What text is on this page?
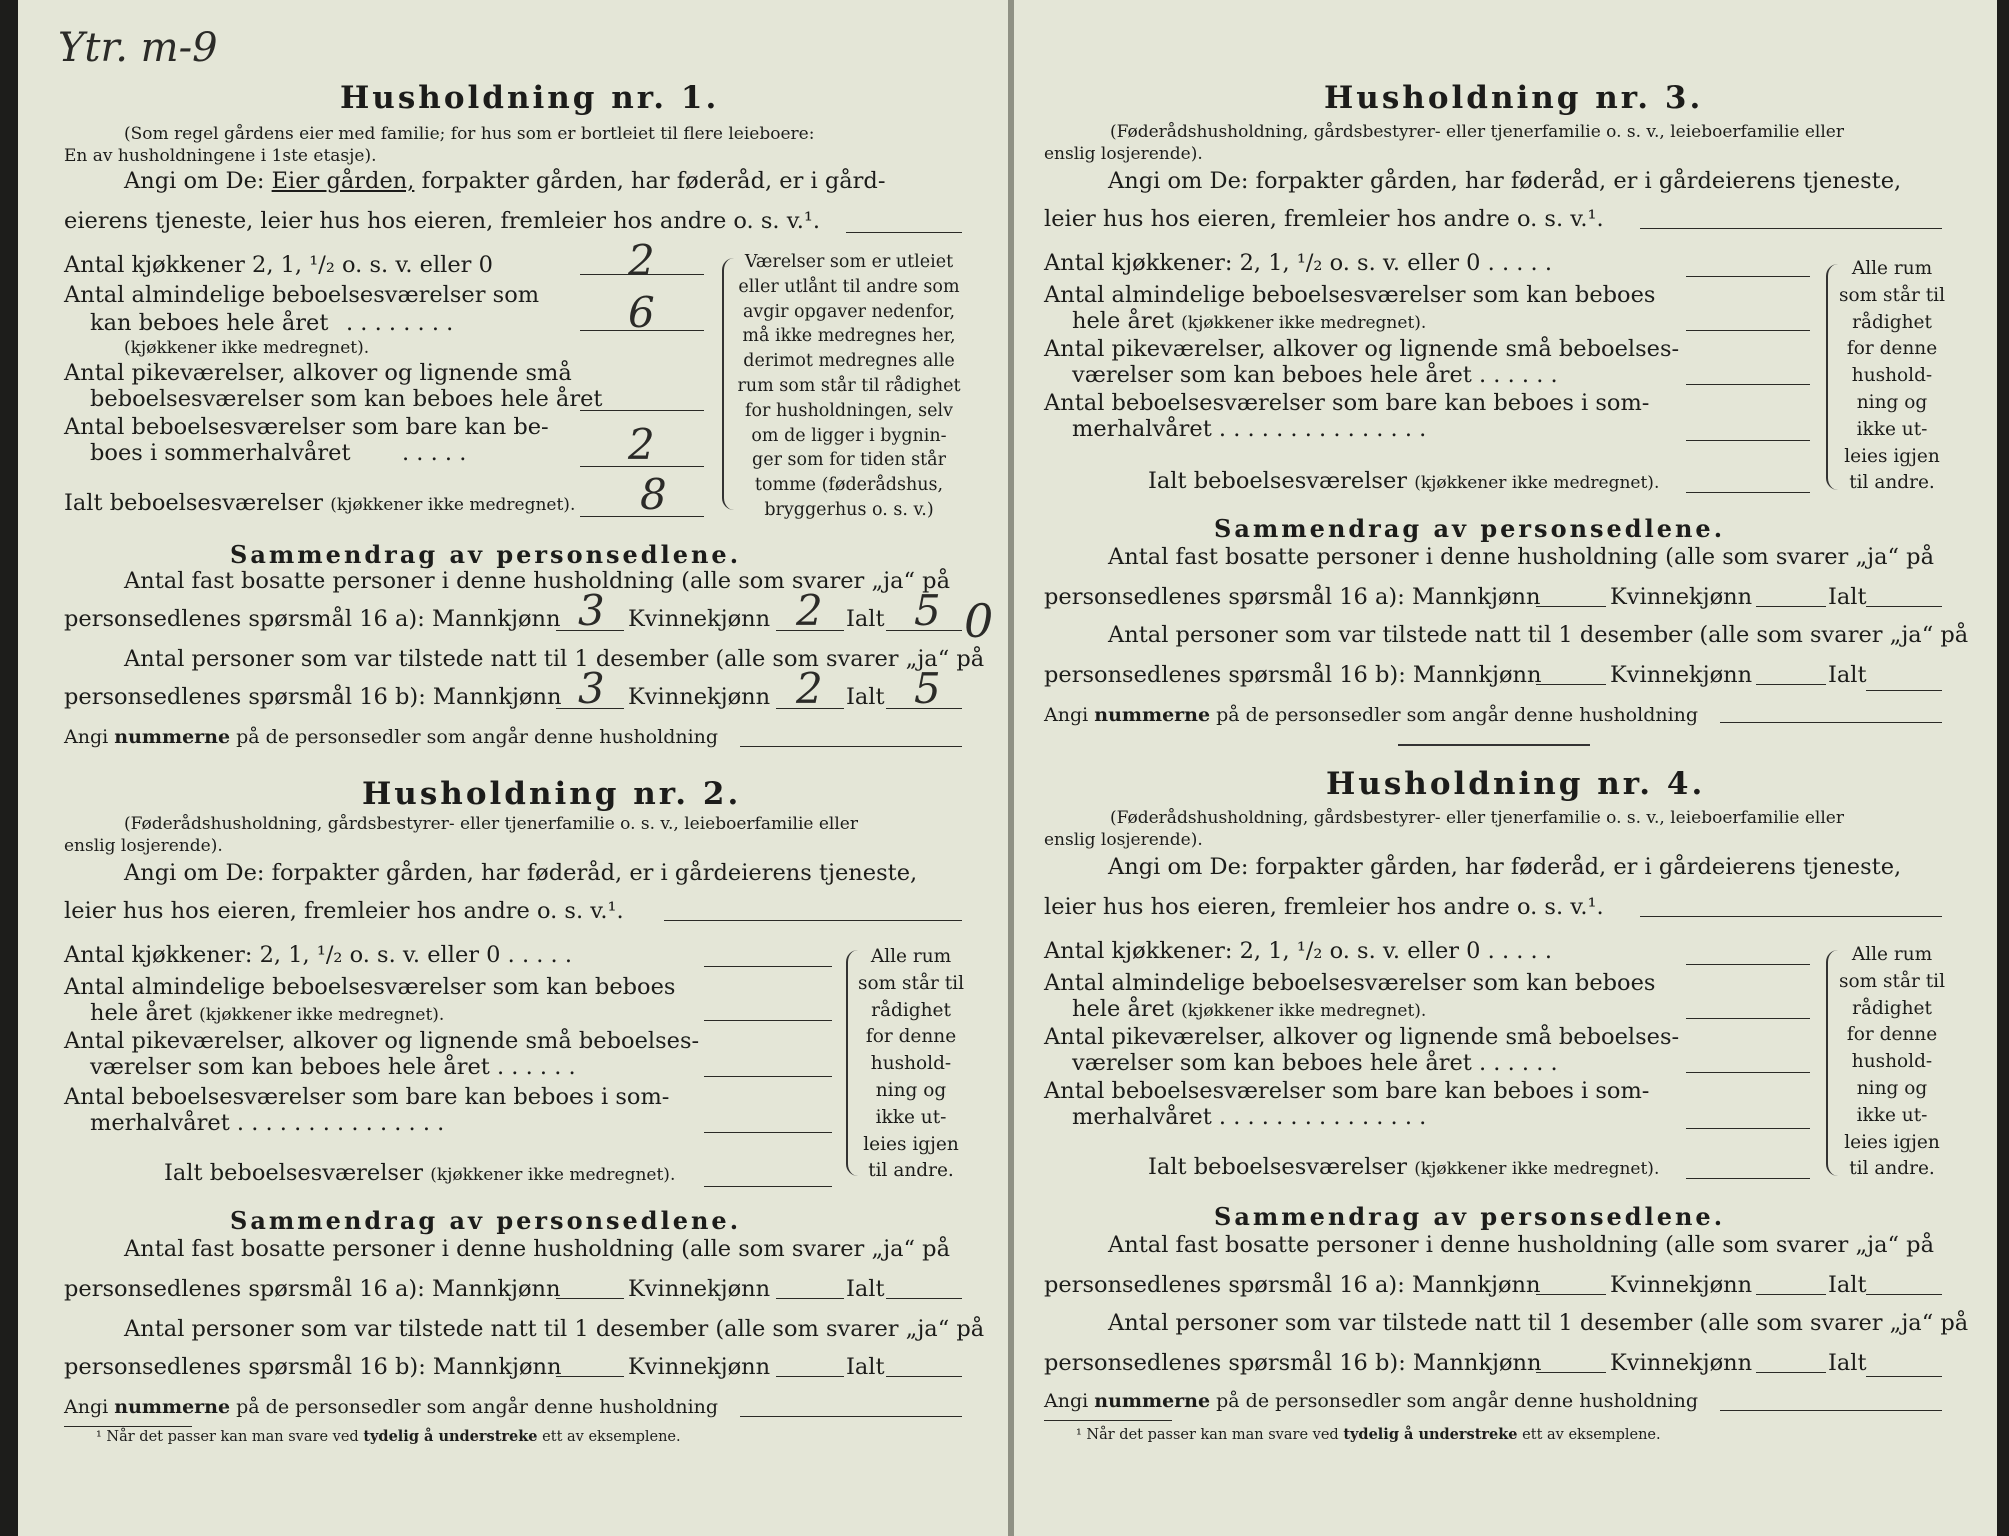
Ytr. m-9
Husholdning nr. 1.
(Som regel gårdens eier med familie; for hus som er bortleiet til flere leieboere:
En av husholdningene i 1ste etasje).
Angi om De: Eier gården, forpakter gården, har føderåd, er i gård-
eierens tjeneste, leier hus hos eieren, fremleier hos andre o. s. v.¹.
Antal kjøkkener 2, 1, ¹/₂ o. s. v. eller 0	2
Antal almindelige beboelsesværelser som
kan beboes hele året . . . . . . . .
(kjøkkener ikke medregnet).
6
Antal pikeværelser, alkover og lignende små
beboelsesværelser som kan beboes hele året
Antal beboelsesværelser som bare kan be-
boes i sommerhalvåret . . . . .	2
Ialt beboelsesværelser (kjøkkener ikke medregnet). 8
Værelser som er utleiet
eller utlånt til andre som
avgir opgaver nedenfor,
må ikke medregnes her,
derimot medregnes alle
rum som står til rådighet
for husholdningen, selv
om de ligger i bygnin-
ger som for tiden står
tomme (føderådshus,
bryggerhus o. s. v.)
Sammendrag av personsedlene.
Antal fast bosatte personer i denne husholdning (alle som svarer „ja“ på
personsedlenes spørsmål 16 a): Mannkjønn 3 Kvinnekjønn 2 Ialt 5 0
Antal personer som var tilstede natt til 1 desember (alle som svarer „ja“ på
personsedlenes spørsmål 16 b): Mannkjønn 3 Kvinnekjønn 2 Ialt 5
Angi nummerne på de personsedler som angår denne husholdning
Husholdning nr. 2.
(Føderådshusholdning, gårdsbestyrer- eller tjenerfamilie o. s. v., leieboerfamilie eller
enslig losjerende).
Angi om De: forpakter gården, har føderåd, er i gårdeierens tjeneste,
leier hus hos eieren, fremleier hos andre o. s. v.¹.
Antal kjøkkener: 2, 1, ¹/₂ o. s. v. eller 0 . . . . .
Antal almindelige beboelsesværelser som kan beboes
hele året (kjøkkener ikke medregnet).
Antal pikeværelser, alkover og lignende små beboelses-
værelser som kan beboes hele året . . . . . .
Antal beboelsesværelser som bare kan beboes i som-
merhalvåret . . . . . . . . . . . . . . .
Ialt beboelsesværelser (kjøkkener ikke medregnet).
Alle rum
som står til
rådighet
for denne
hushold-
ning og
ikke ut-
leies igjen
til andre.
Sammendrag av personsedlene.
Antal fast bosatte personer i denne husholdning (alle som svarer „ja“ på
personsedlenes spørsmål 16 a): Mannkjønn	Kvinnekjønn	Ialt
Antal personer som var tilstede natt til 1 desember (alle som svarer „ja“ på
personsedlenes spørsmål 16 b): Mannkjønn	Kvinnekjønn	Ialt
Angi nummerne på de personsedler som angår denne husholdning
¹ Når det passer kan man svare ved tydelig å understreke ett av eksemplene.
Husholdning nr. 3.
(Føderådshusholdning, gårdsbestyrer- eller tjenerfamilie o. s. v., leieboerfamilie eller
enslig losjerende).
Angi om De: forpakter gården, har føderåd, er i gårdeierens tjeneste,
leier hus hos eieren, fremleier hos andre o. s. v.¹.
Antal kjøkkener: 2, 1, ¹/₂ o. s. v. eller 0 . . . . .
Antal almindelige beboelsesværelser som kan beboes
hele året (kjøkkener ikke medregnet).
Antal pikeværelser, alkover og lignende små beboelses-
værelser som kan beboes hele året . . . . . .
Antal beboelsesværelser som bare kan beboes i som-
merhalvåret . . . . . . . . . . . . . . .
Ialt beboelsesværelser (kjøkkener ikke medregnet).
Alle rum
som står til
rådighet
for denne
hushold-
ning og
ikke ut-
leies igjen
til andre.
Sammendrag av personsedlene.
Antal fast bosatte personer i denne husholdning (alle som svarer „ja“ på
personsedlenes spørsmål 16 a): Mannkjønn	Kvinnekjønn	Ialt
Antal personer som var tilstede natt til 1 desember (alle som svarer „ja“ på
personsedlenes spørsmål 16 b): Mannkjønn	Kvinnekjønn	Ialt
Angi nummerne på de personsedler som angår denne husholdning
Husholdning nr. 4.
(Føderådshusholdning, gårdsbestyrer- eller tjenerfamilie o. s. v., leieboerfamilie eller
enslig losjerende).
Angi om De: forpakter gården, har føderåd, er i gårdeierens tjeneste,
leier hus hos eieren, fremleier hos andre o. s. v.¹.
Antal kjøkkener: 2, 1, ¹/₂ o. s. v. eller 0 . . . . .
Antal almindelige beboelsesværelser som kan beboes
hele året (kjøkkener ikke medregnet).
Antal pikeværelser, alkover og lignende små beboelses-
værelser som kan beboes hele året . . . . . .
Antal beboelsesværelser som bare kan beboes i som-
merhalvåret . . . . . . . . . . . . . . .
Ialt beboelsesværelser (kjøkkener ikke medregnet).
Alle rum
som står til
rådighet
for denne
hushold-
ning og
ikke ut-
leies igjen
til andre.
Sammendrag av personsedlene.
Antal fast bosatte personer i denne husholdning (alle som svarer „ja“ på
personsedlenes spørsmål 16 a): Mannkjønn	Kvinnekjønn	Ialt
Antal personer som var tilstede natt til 1 desember (alle som svarer „ja“ på
personsedlenes spørsmål 16 b): Mannkjønn	Kvinnekjønn	Ialt
Angi nummerne på de personsedler som angår denne husholdning
¹ Når det passer kan man svare ved tydelig å understreke ett av eksemplene.
